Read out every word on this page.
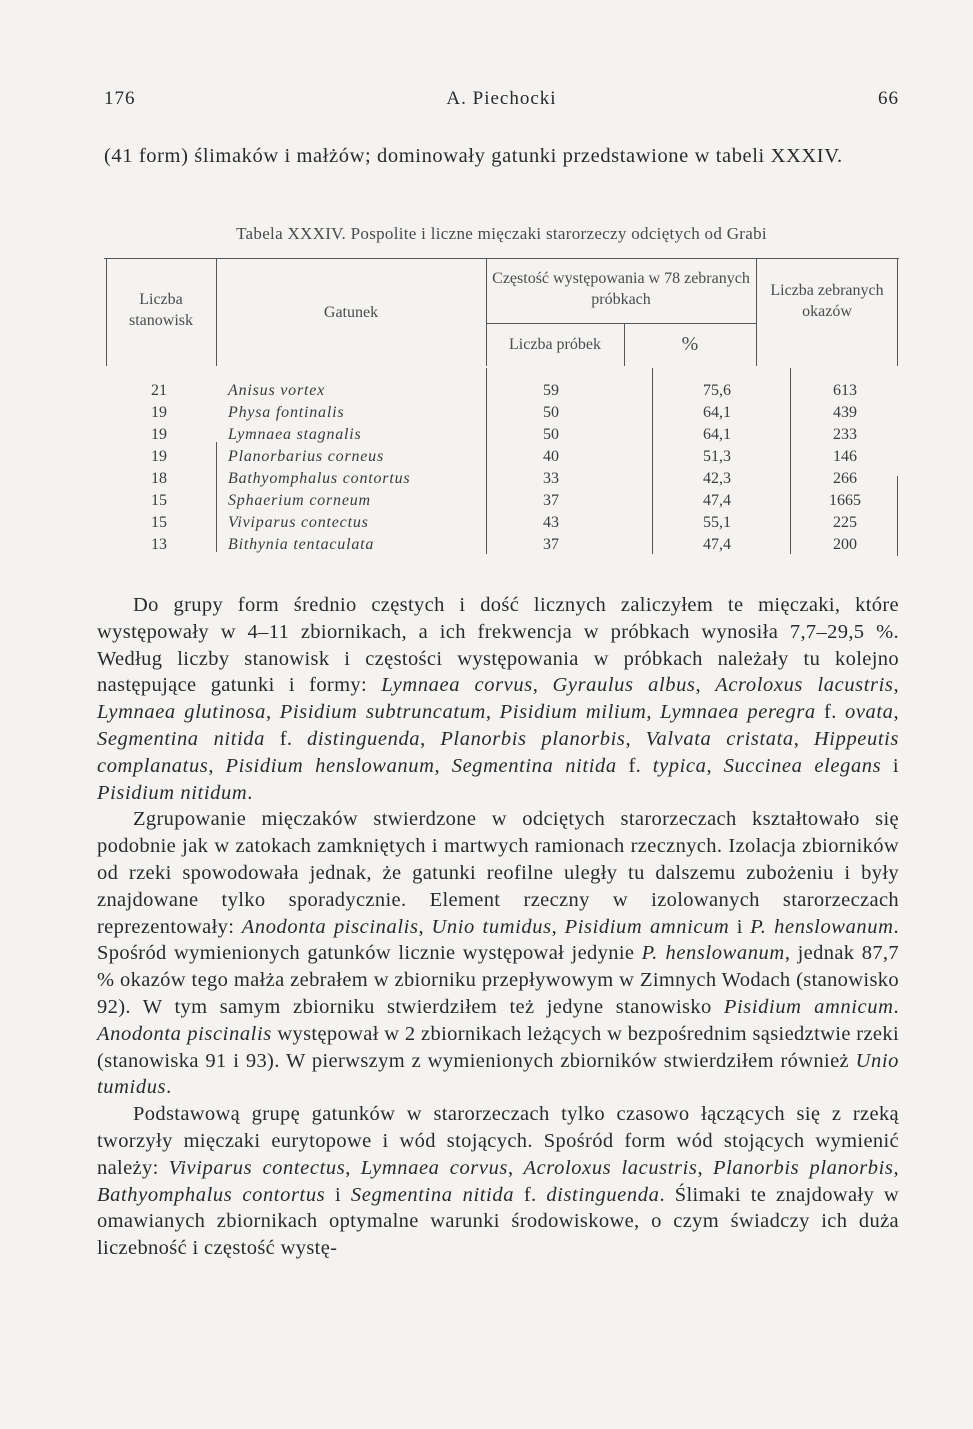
176	A. Piechocki	66
(41 form) ślimaków i małżów; dominowały gatunki przedstawione w tabeli XXXIV.
Tabela XXXIV. Pospolite i liczne mięczaki starorzeczy odciętych od Grabi
Liczba stanowisk	Gatunek
Częstość występowania w 78 zebranych próbkach
Liczba próbek	%
Liczba zebranych okazów
21	Anisus vortex	59	75,6	613
19	Physa fontinalis	50	64,1	439
19	Lymnaea stagnalis	50	64,1	233
19	Planorbarius corneus	40	51,3	146
18	Bathyomphalus contortus	33	42,3	266
15	Sphaerium corneum	37	47,4	1665
15	Viviparus contectus	43	55,1	225
13	Bithynia tentaculata	37	47,4	200

Do grupy form średnio częstych i dość licznych zaliczyłem te mięczaki, które występowały w 4–11 zbiornikach, a ich frekwencja w próbkach wynosiła 7,7–29,5 %. Według liczby stanowisk i częstości występowania w próbkach należały tu kolejno następujące gatunki i formy: Lymnaea corvus, Gyraulus albus, Acroloxus lacustris, Lymnaea glutinosa, Pisidium subtruncatum, Pisidium milium, Lymnaea peregra f. ovata, Segmentina nitida f. distinguenda, Planorbis planorbis, Valvata cristata, Hippeutis complanatus, Pisidium henslowanum, Segmentina nitida f. typica, Succinea elegans i Pisidium nitidum.

Zgrupowanie mięczaków stwierdzone w odciętych starorzeczach kształtowało się podobnie jak w zatokach zamkniętych i martwych ramionach rzecznych. Izolacja zbiorników od rzeki spowodowała jednak, że gatunki reofilne uległy tu dalszemu zubożeniu i były znajdowane tylko sporadycznie. Element rzeczny w izolowanych starorzeczach reprezentowały: Anodonta piscinalis, Unio tumidus, Pisidium amnicum i P. henslowanum. Spośród wymienionych gatunków licznie występował jedynie P. henslowanum, jednak 87,7 % okazów tego małża zebrałem w zbiorniku przepływowym w Zimnych Wodach (stanowisko 92). W tym samym zbiorniku stwierdziłem też jedyne stanowisko Pisidium amnicum. Anodonta piscinalis występował w 2 zbiornikach leżących w bezpośrednim sąsiedztwie rzeki (stanowiska 91 i 93). W pierwszym z wymienionych zbiorników stwierdziłem również Unio tumidus.

Podstawową grupę gatunków w starorzeczach tylko czasowo łączących się z rzeką tworzyły mięczaki eurytopowe i wód stojących. Spośród form wód stojących wymienić należy: Viviparus contectus, Lymnaea corvus, Acroloxus lacustris, Planorbis planorbis, Bathyomphalus contortus i Segmentina nitida f. distinguenda. Ślimaki te znajdowały w omawianych zbiornikach optymalne warunki środowiskowe, o czym świadczy ich duża liczebność i częstość wystę-
